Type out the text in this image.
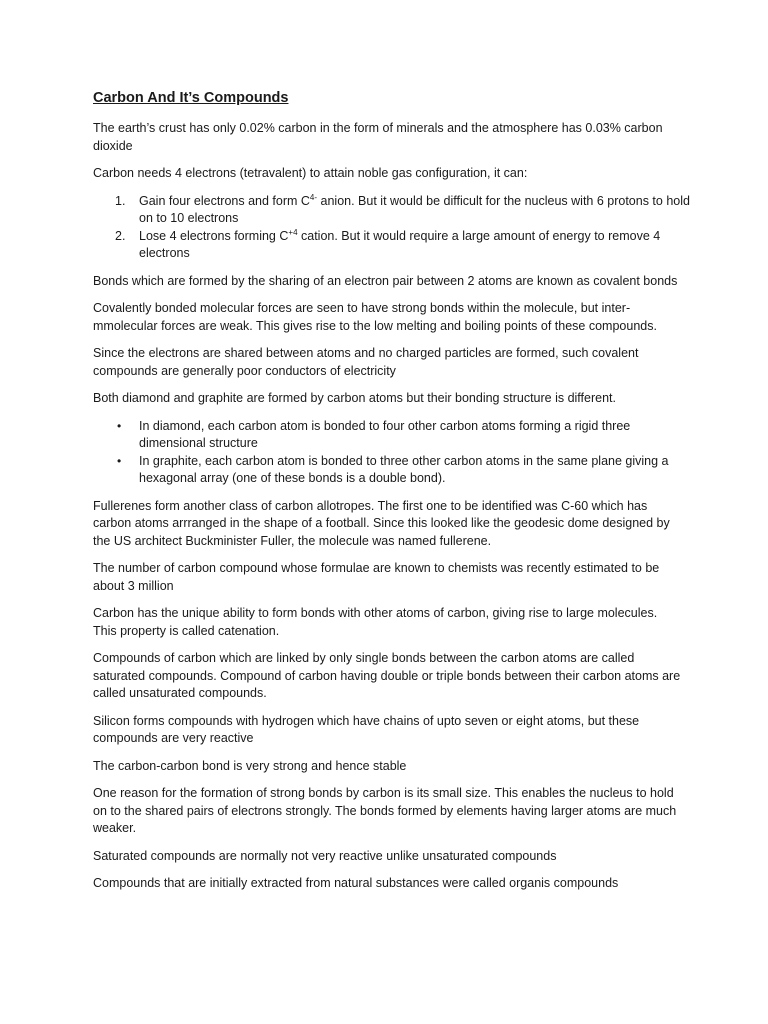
Carbon And It’s Compounds

The earth’s crust has only 0.02% carbon in the form of minerals and the atmosphere has 0.03% carbon dioxide

Carbon needs 4 electrons (tetravalent) to attain noble gas configuration, it can:

1. Gain four electrons and form $C^{4-}$ anion. But it would be difficult for the nucleus with 6 protons to hold on to 10 electrons
2. Lose 4 electrons forming $C^{+4}$ cation. But it would require a large amount of energy to remove 4 electrons

Bonds which are formed by the sharing of an electron pair between 2 atoms are known as covalent bonds

Covalently bonded molecular forces are seen to have strong bonds within the molecule, but inter-mmolecular forces are weak. This gives rise to the low melting and boiling points of these compounds.

Since the electrons are shared between atoms and no charged particles are formed, such covalent compounds are generally poor conductors of electricity

Both diamond and graphite are formed by carbon atoms but their bonding structure is different.

• In diamond, each carbon atom is bonded to four other carbon atoms forming a rigid three dimensional structure
• In graphite, each carbon atom is bonded to three other carbon atoms in the same plane giving a hexagonal array (one of these bonds is a double bond).

Fullerenes form another class of carbon allotropes. The first one to be identified was C-60 which has carbon atoms arrranged in the shape of a football. Since this looked like the geodesic dome designed by the US architect Buckminister Fuller, the molecule was named fullerene.

The number of carbon compound whose formulae are known to chemists was recently estimated to be about 3 million

Carbon has the unique ability to form bonds with other atoms of carbon, giving rise to large molecules. This property is called catenation.

Compounds of carbon which are linked by only single bonds between the carbon atoms are called saturated compounds. Compound of carbon having double or triple bonds between their carbon atoms are called unsaturated compounds.

Silicon forms compounds with hydrogen which have chains of upto seven or eight atoms, but these compounds are very reactive

The carbon-carbon bond is very strong and hence stable

One reason for the formation of strong bonds by carbon is its small size. This enables the nucleus to hold on to the shared pairs of electrons strongly. The bonds formed by elements having larger atoms are much weaker.

Saturated compounds are normally not very reactive unlike unsaturated compounds

Compounds that are initially extracted from natural substances were called organis compounds
